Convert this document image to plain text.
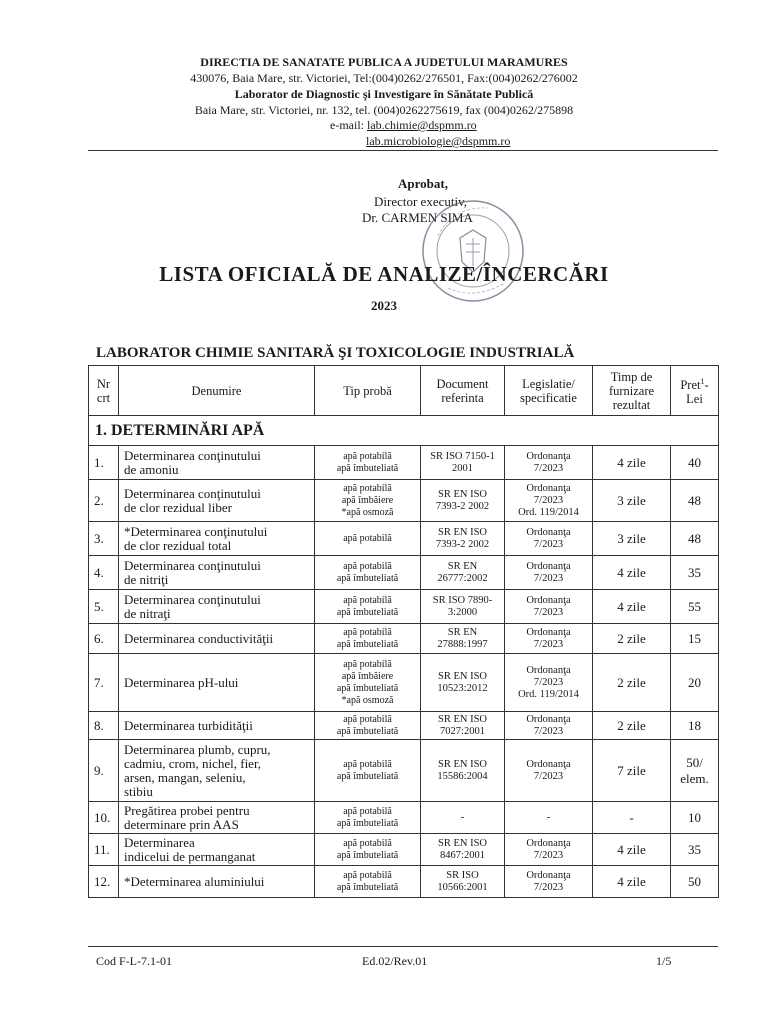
DIRECTIA DE SANATATE PUBLICA A JUDETULUI MARAMURES
430076, Baia Mare, str. Victoriei, Tel:(004)0262/276501, Fax:(004)0262/276002
Laborator de Diagnostic şi Investigare în Sănătate Publică
Baia Mare, str. Victoriei, nr. 132, tel. (004)0262275619, fax (004)0262/275898
e-mail: lab.chimie@dspmm.ro
lab.microbiologie@dspmm.ro
Aprobat,
Director executiv,
Dr. CARMEN SIMA
LISTA OFICIALĂ DE ANALIZE/ÎNCERCĂRI
2023
LABORATOR CHIMIE SANITARĂ ŞI TOXICOLOGIE INDUSTRIALĂ
Nr
crt	Denumire	Tip probă	Document
referinta	Legislatie/
specificatie	Timp de
furnizare
rezultat	Pret$^1$-
Lei
1. DETERMINĂRI APĂ						
1.	Determinarea conţinutului
de amoniu	apă potabilă
apă îmbuteliată	SR ISO 7150-1
2001	Ordonanţa
7/2023	4 zile	40
2.	Determinarea conţinutului
de clor rezidual liber	apă potabilă
apă îmbăiere
*apă osmoză	SR EN ISO
7393-2 2002	Ordonanţa
7/2023
Ord. 119/2014	3 zile	48
3.	*Determinarea conţinutului
de clor rezidual total	apă potabilă	SR EN ISO
7393-2 2002	Ordonanţa
7/2023	3 zile	48
4.	Determinarea conţinutului
de nitriţi	apă potabilă
apă îmbuteliată	SR EN
26777:2002	Ordonanţa
7/2023	4 zile	35
5.	Determinarea conţinutului
de nitraţi	apă potabilă
apă îmbuteliată	SR ISO 7890-
3:2000	Ordonanţa
7/2023	4 zile	55
6.	Determinarea conductivităţii	apă potabilă
apă îmbuteliată	SR EN
27888:1997	Ordonanţa
7/2023	2 zile	15
7.	Determinarea pH-ului	apă potabilă
apă îmbăiere
apă îmbuteliată
*apă osmoză	SR EN ISO
10523:2012	Ordonanţa
7/2023
Ord. 119/2014	2 zile	20
8.	Determinarea turbidităţii	apă potabilă
apă îmbuteliată	SR EN ISO
7027:2001	Ordonanţa
7/2023	2 zile	18
9.	Determinarea plumb, cupru,
cadmiu, crom, nichel, fier,
arsen, mangan, seleniu,
stibiu	apă potabilă
apă îmbuteliată	SR EN ISO
15586:2004	Ordonanţa
7/2023	7 zile	50/
elem.
10.	Pregătirea probei pentru
determinare prin AAS	apă potabilă
apă îmbuteliată	-	-	-	10
11.	Determinarea
indicelui de permanganat	apă potabilă
apă îmbuteliată	SR EN ISO
8467:2001	Ordonanţa
7/2023	4 zile	35
12.	*Determinarea aluminiului	apă potabilă
apă îmbuteliată	SR ISO
10566:2001	Ordonanţa
7/2023	4 zile	50
Cod F-L-7.1-01	Ed.02/Rev.01	1/5
